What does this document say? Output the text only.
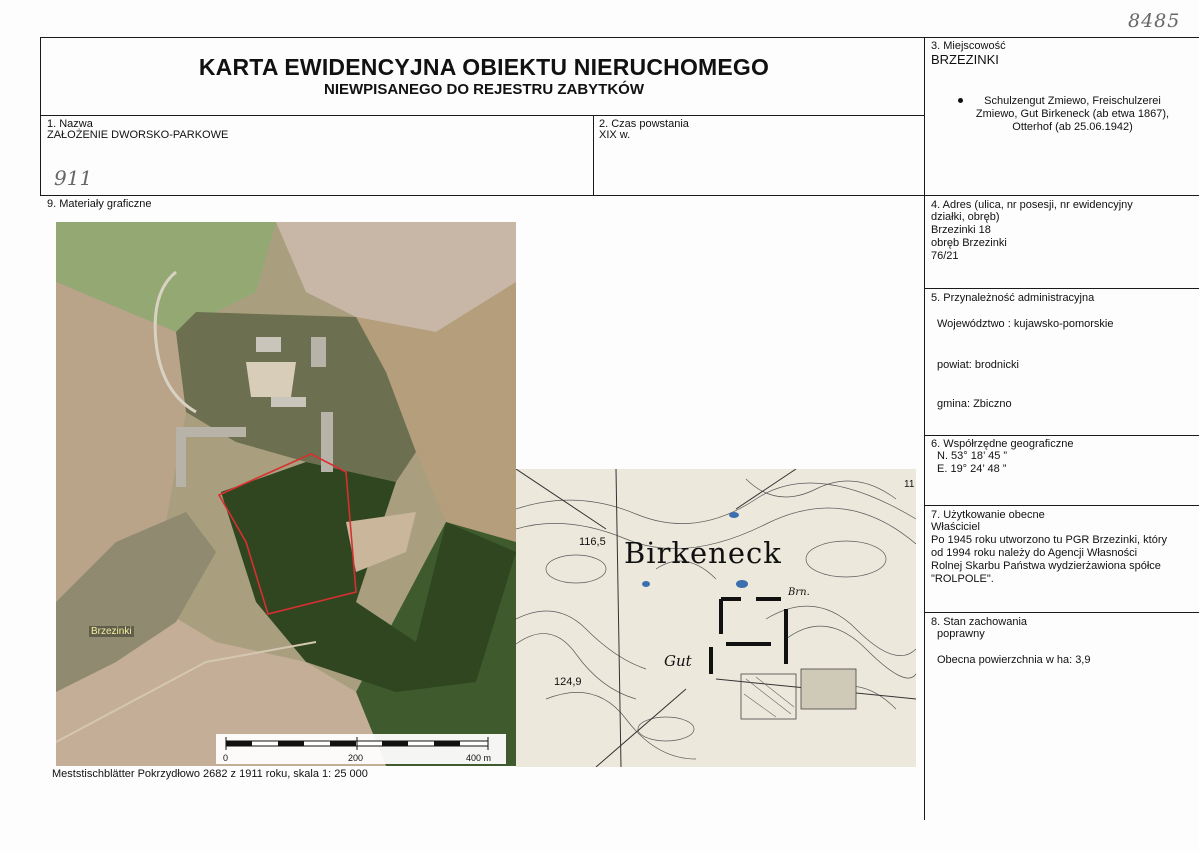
8485
KARTA EWIDENCYJNA OBIEKTU NIERUCHOMEGO
NIEWPISANEGO DO REJESTRU ZABYTKÓW
1. Nazwa
ZAŁOŻENIE DWORSKO-PARKOWE
911
2. Czas powstania
XIX w.
3. Miejscowość
BRZEZINKI
Schulzengut Zmiewo, Freischulzerei Zmiewo, Gut Birkeneck (ab etwa 1867), Otterhof (ab 25.06.1942)
9. Materiały graficzne	4. Adres (ulica, nr posesji, nr ewidencyjny działki, obręb)
Brzezinki 18
obręb Brzezinki
76/21
5. Przynależność administracyjna
Województwo : kujawsko-pomorskie
powiat: brodnicki
gmina: Zbiczno
6. Współrzędne geograficzne
N. 53° 18’ 45 ”
E. 19° 24’ 48 ”
7. Użytkowanie obecne
Właściciel
Po 1945 roku utworzono tu PGR Brzezinki, który od 1994 roku należy do Agencji Własności Rolnej Skarbu Państwa wydzierżawiona spółce "ROLPOLE".
8. Stan zachowania
poprawny
Obecna powierzchnia w ha: 3,9
Brzezinki
0	200	400 m
Birkeneck
Gut
Brn.
116,5
124,9
11
Meststischblätter Pokrzydłowo 2682 z 1911 roku, skala 1: 25 000
